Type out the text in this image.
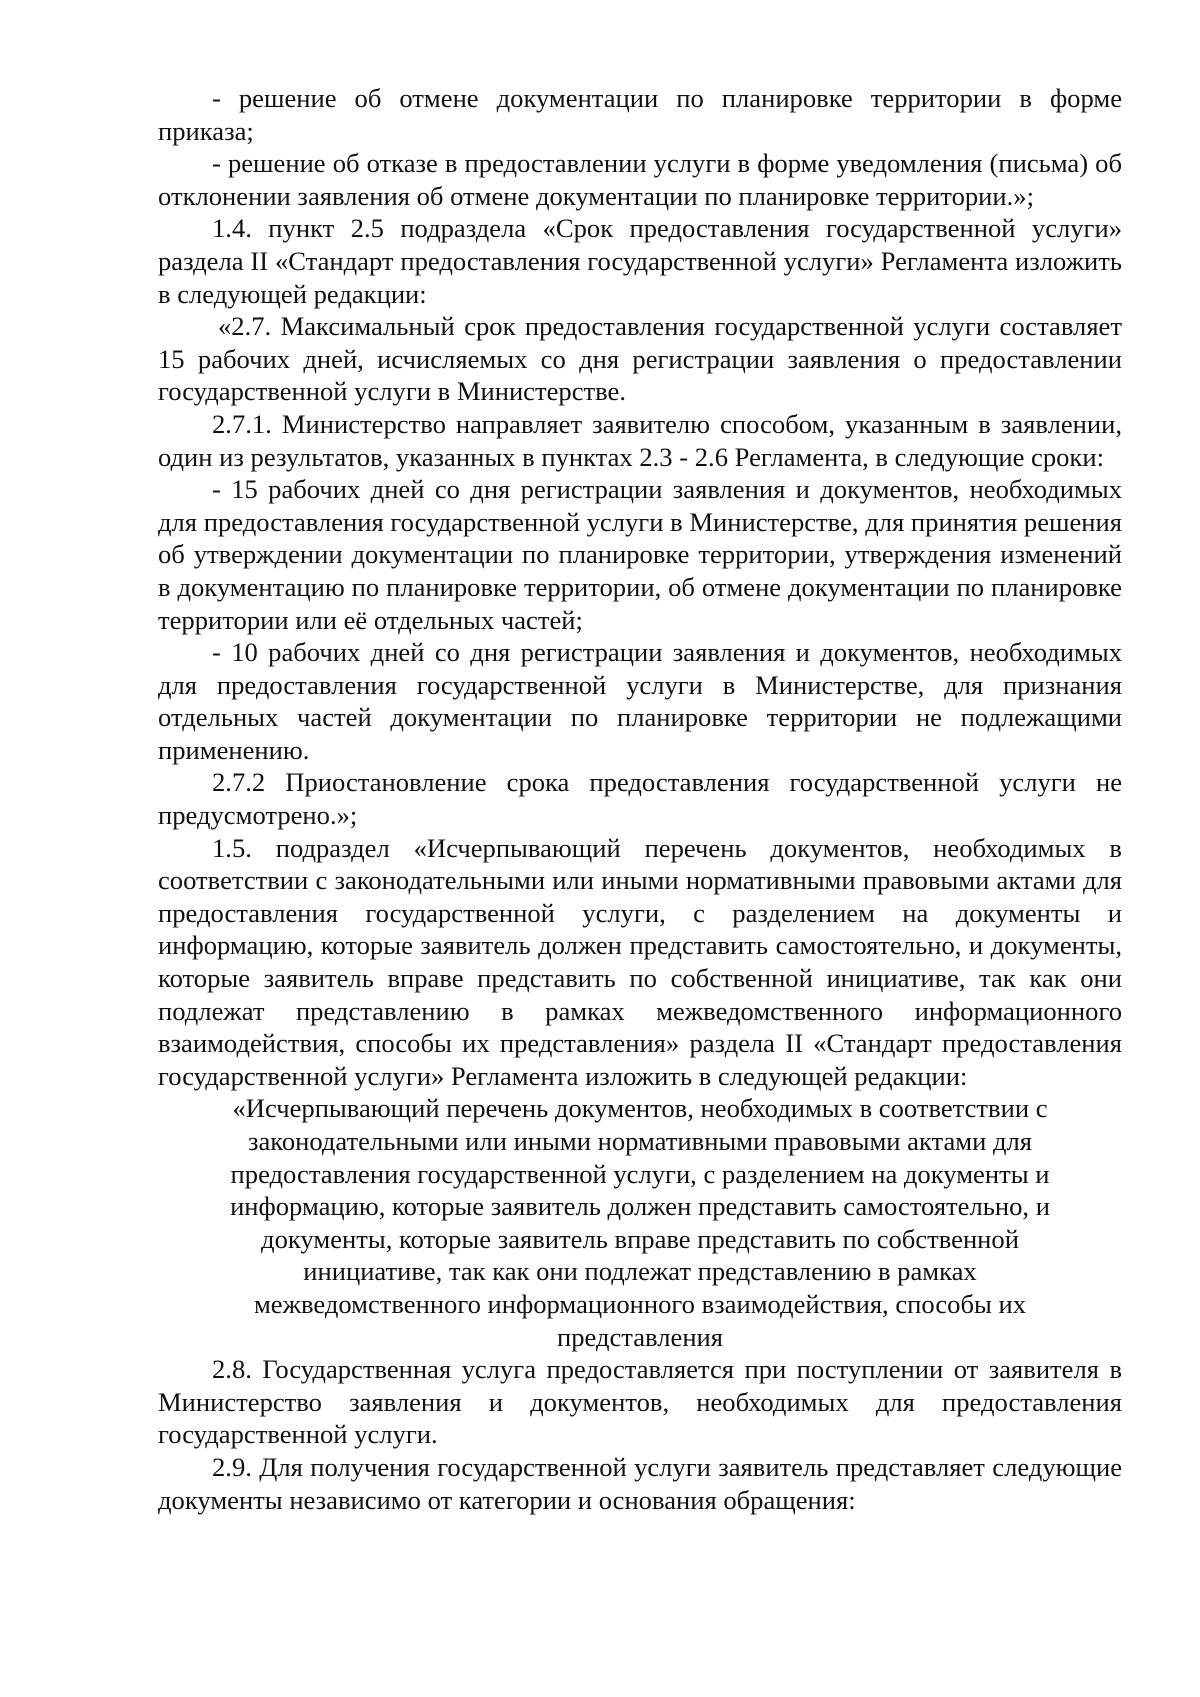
- решение об отмене документации по планировке территории в форме приказа;

- решение об отказе в предоставлении услуги в форме уведомления (письма) об отклонении заявления об отмене документации по планировке территории.»;

1.4. пункт 2.5 подраздела «Срок предоставления государственной услуги» раздела II «Стандарт предоставления государственной услуги» Регламента изложить в следующей редакции:

«2.7. Максимальный срок предоставления государственной услуги составляет 15 рабочих дней, исчисляемых со дня регистрации заявления о предоставлении государственной услуги в Министерстве.

2.7.1. Министерство направляет заявителю способом, указанным в заявлении, один из результатов, указанных в пунктах 2.3 - 2.6 Регламента, в следующие сроки:

- 15 рабочих дней со дня регистрации заявления и документов, необходимых для предоставления государственной услуги в Министерстве, для принятия решения об утверждении документации по планировке территории, утверждения изменений в документацию по планировке территории, об отмене документации по планировке территории или её отдельных частей;

- 10 рабочих дней со дня регистрации заявления и документов, необходимых для предоставления государственной услуги в Министерстве, для признания отдельных частей документации по планировке территории не подлежащими применению.

2.7.2 Приостановление срока предоставления государственной услуги не предусмотрено.»;

1.5. подраздел «Исчерпывающий перечень документов, необходимых в соответствии с законодательными или иными нормативными правовыми актами для предоставления государственной услуги, с разделением на документы и информацию, которые заявитель должен представить самостоятельно, и документы, которые заявитель вправе представить по собственной инициативе, так как они подлежат представлению в рамках межведомственного информационного взаимодействия, способы их представления» раздела II «Стандарт предоставления государственной услуги» Регламента изложить в следующей редакции:

«Исчерпывающий перечень документов, необходимых в соответствии с законодательными или иными нормативными правовыми актами для предоставления государственной услуги, с разделением на документы и информацию, которые заявитель должен представить самостоятельно, и документы, которые заявитель вправе представить по собственной инициативе, так как они подлежат представлению в рамках межведомственного информационного взаимодействия, способы их представления

2.8. Государственная услуга предоставляется при поступлении от заявителя в Министерство заявления и документов, необходимых для предоставления государственной услуги.

2.9. Для получения государственной услуги заявитель представляет следующие документы независимо от категории и основания обращения:
